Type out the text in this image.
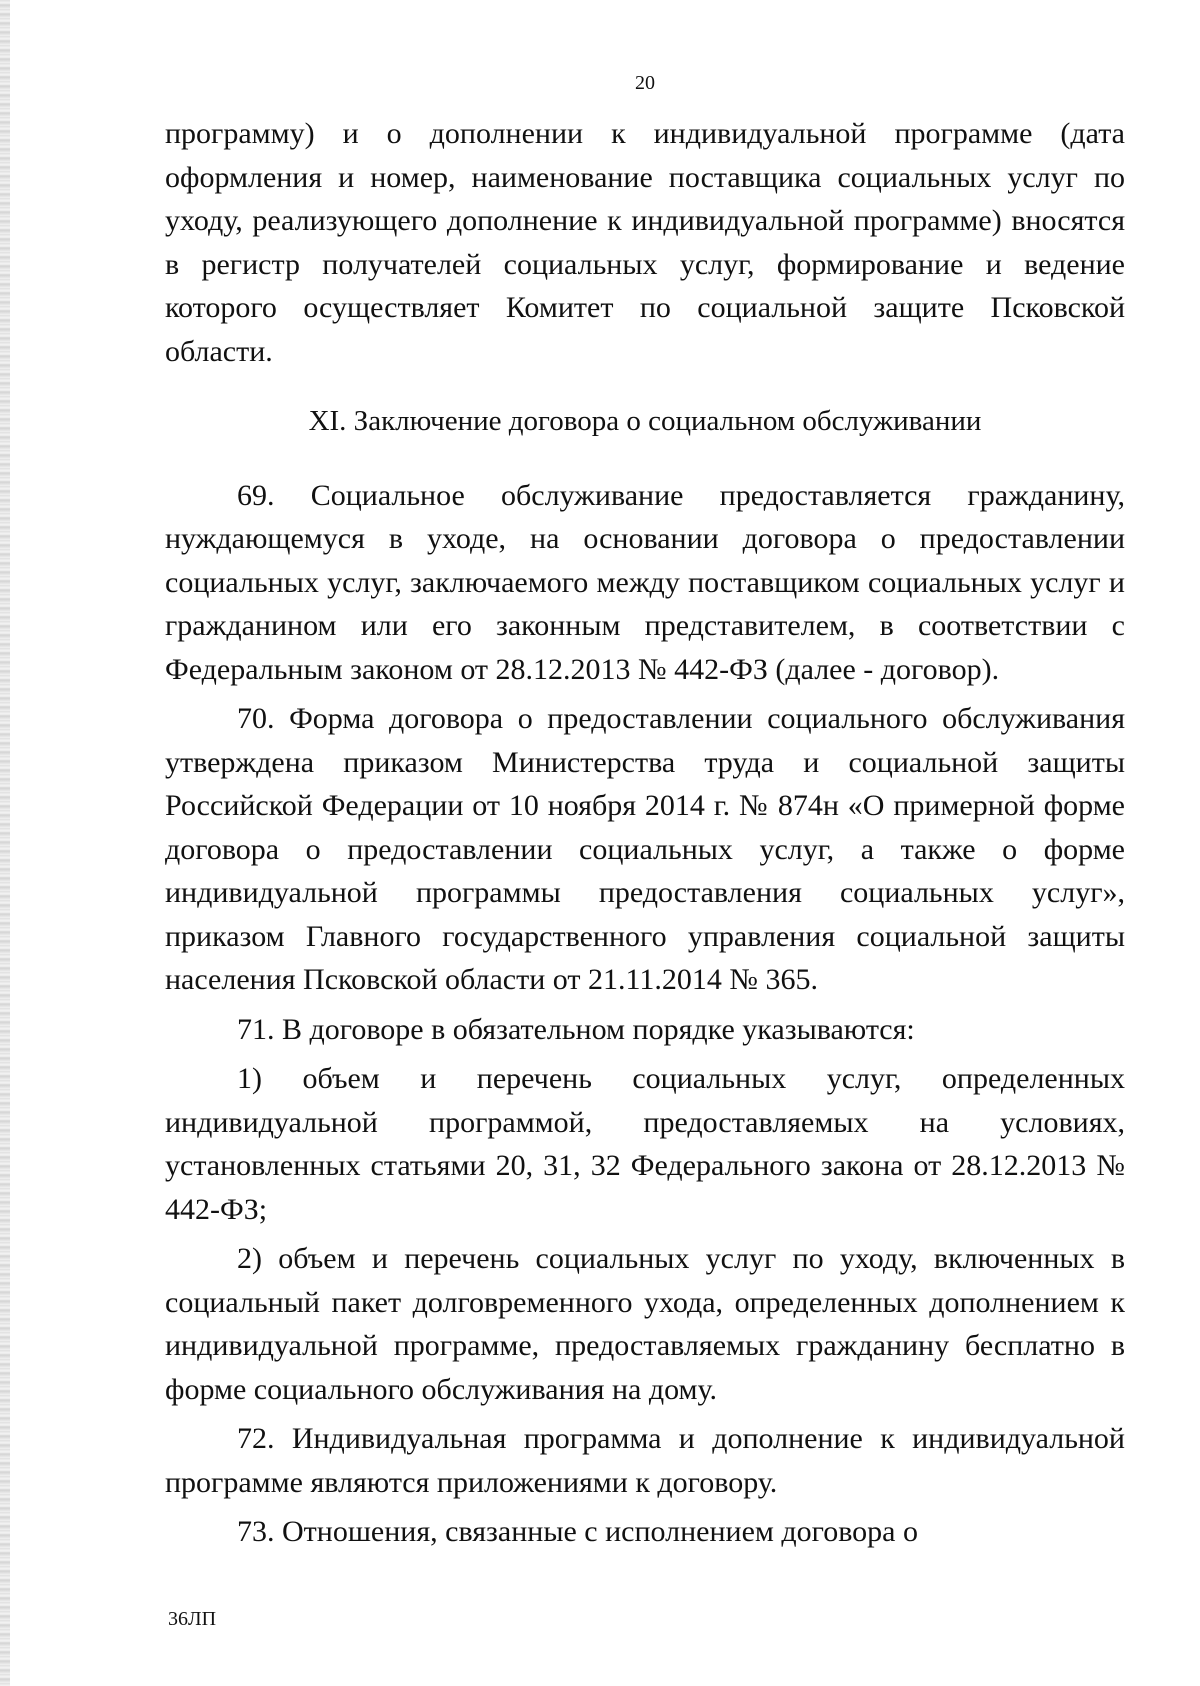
20

программу) и о дополнении к индивидуальной программе (дата оформления и номер, наименование поставщика социальных услуг по уходу, реализующего дополнение к индивидуальной программе) вносятся в регистр получателей социальных услуг, формирование и ведение которого осуществляет Комитет по социальной защите Псковской области.

XI. Заключение договора о социальном обслуживании

69. Социальное обслуживание предоставляется гражданину, нуждающемуся в уходе, на основании договора о предоставлении социальных услуг, заключаемого между поставщиком социальных услуг и гражданином или его законным представителем, в соответствии с Федеральным законом от 28.12.2013 № 442-ФЗ (далее - договор).

70. Форма договора о предоставлении социального обслуживания утверждена приказом Министерства труда и социальной защиты Российской Федерации от 10 ноября 2014 г. № 874н «О примерной форме договора о предоставлении социальных услуг, а также о форме индивидуальной программы предоставления социальных услуг», приказом Главного государственного управления социальной защиты населения Псковской области от 21.11.2014 № 365.

71. В договоре в обязательном порядке указываются:

1) объем и перечень социальных услуг, определенных индивидуальной программой, предоставляемых на условиях, установленных статьями 20, 31, 32 Федерального закона от 28.12.2013 № 442-ФЗ;

2) объем и перечень социальных услуг по уходу, включенных в социальный пакет долговременного ухода, определенных дополнением к индивидуальной программе, предоставляемых гражданину бесплатно в форме социального обслуживания на дому.

72. Индивидуальная программа и дополнение к индивидуальной программе являются приложениями к договору.

73. Отношения, связанные с исполнением договора о

36ЛП
